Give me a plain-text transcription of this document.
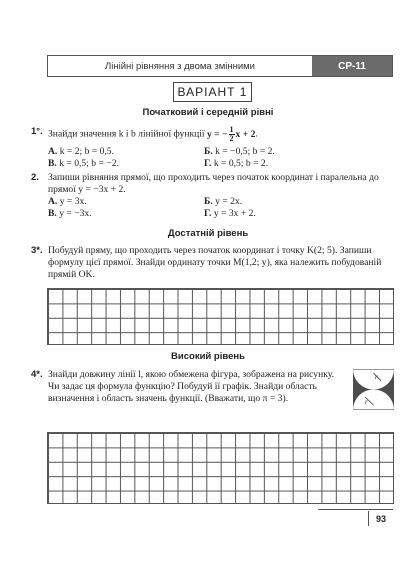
Лінійні рівняння з двома змінними	СР-11
ВАРІАНТ 1
Початковий і середній рівні
1°. Знайди значення k і b лінійної функції y = − $\frac{1}{2}$ x + 2.
А. k = 2; b = 0,5.	Б. k = −0,5; b = 2.
В. k = 0,5; b = −2.	Г. k = 0,5; b = 2.
2. Запиши рівняння прямої, що проходить через початок координат і паралельна до прямої y = −3x + 2.
А. y = 3x.	Б. y = 2x.
В. y = −3x.	Г. y = 3x + 2.
Достатній рівень
3*. Побудуй пряму, що проходить через початок координат і точку K(2; 5). Запиши формулу цієї прямої. Знайди ординату точки M(1,2; y), яка належить побудованій прямій OK.
Високий рівень
4*. Знайди довжину лінії l, якою обмежена фігура, зображена на рисунку. Чи задає ця формула функцію? Побудуй її графік. Знайди область визначення і область значень функції. (Вважати, що π = 3).
r
r
93
